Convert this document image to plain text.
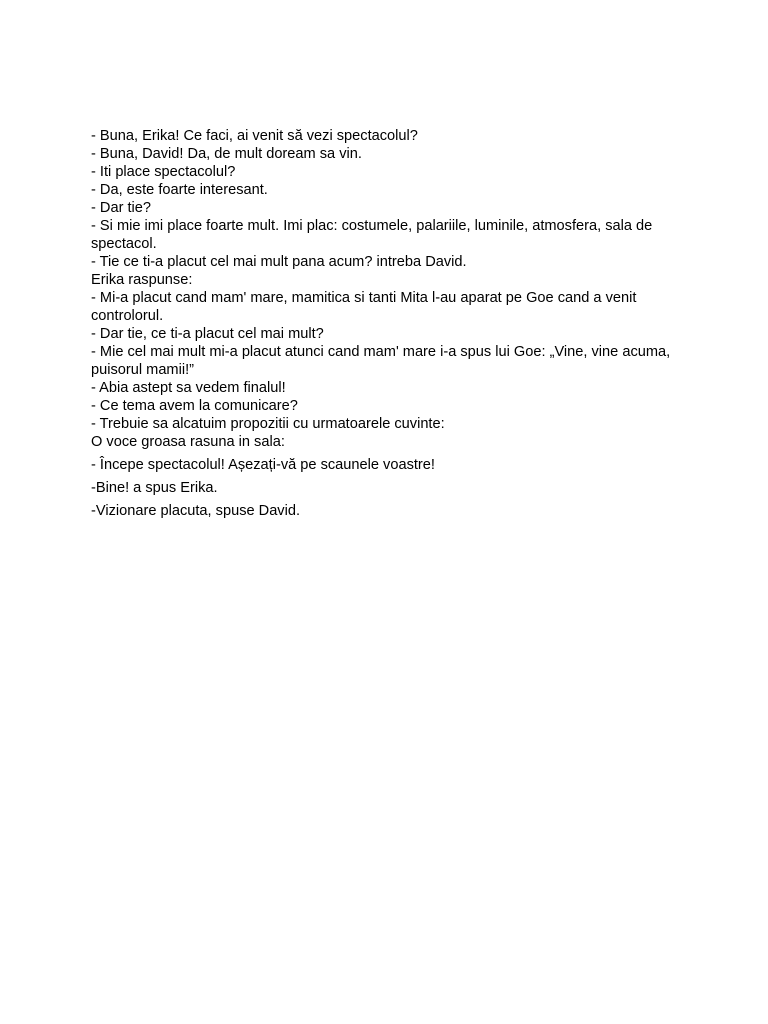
- Buna, Erika! Ce faci, ai venit să vezi spectacolul?

- Buna, David! Da, de mult doream sa vin.

- Iti place spectacolul?

- Da, este foarte interesant.

- Dar tie?

- Si mie imi place foarte mult. Imi plac: costumele, palariile, luminile, atmosfera, sala de spectacol.

- Tie ce ti-a placut cel mai mult pana acum? intreba David.

Erika raspunse:

- Mi-a placut cand mam' mare, mamitica si tanti Mita l-au aparat pe Goe cand a venit controlorul.

- Dar tie, ce ti-a placut cel mai mult?

- Mie cel mai mult mi-a placut atunci cand mam' mare i-a spus lui Goe: „Vine, vine acuma, puisorul mamii!”

- Abia astept sa vedem finalul!

- Ce tema avem la comunicare?

- Trebuie sa alcatuim propozitii cu urmatoarele cuvinte:

O voce groasa rasuna in sala:

- Începe spectacolul! Așezați-vă pe scaunele voastre!

-Bine! a spus Erika.

-Vizionare placuta, spuse David.
